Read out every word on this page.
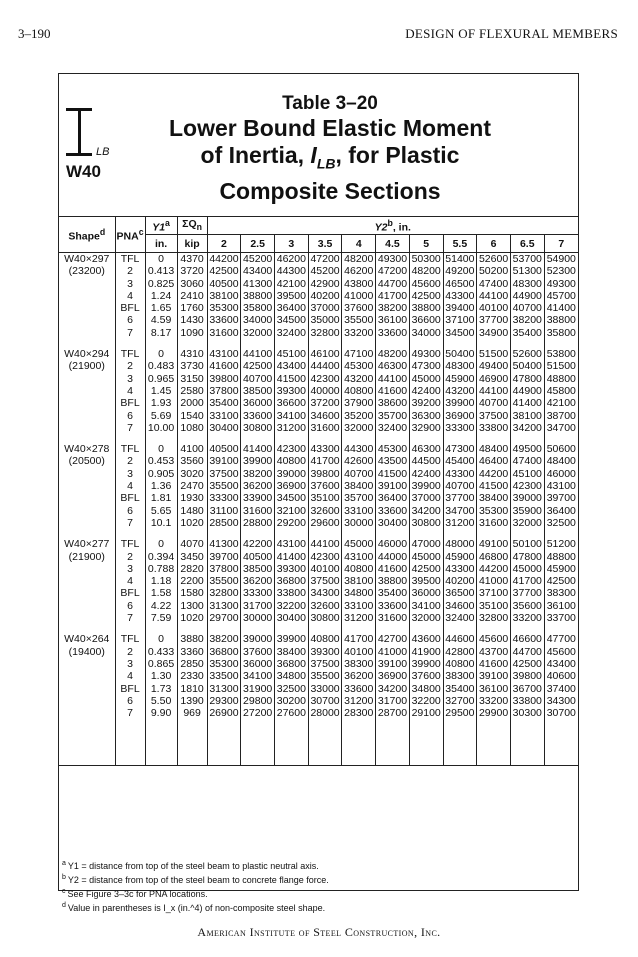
3–190	DESIGN OF FLEXURAL MEMBERS
LB
W40
Table 3–20
Lower Bound Elastic Moment
of Inertia, $I_{LB}$, for Plastic
Composite Sections
Shape$^d$	PNA$^c$	Y1$^a$	$\Sigma Q_n$	Y2$^b$, in.										
		in.	kip	2	2.5	3	3.5	4	4.5	5	5.5	6	6.5	7
W40×297	TFL	0	4370	44200	45200	46200	47200	48200	49300	50300	51400	52600	53700	54900
(23200)	2	0.413	3720	42500	43400	44300	45200	46200	47200	48200	49200	50200	51300	52300
	3	0.825	3060	40500	41300	42100	42900	43800	44700	45600	46500	47400	48300	49300
	4	1.24	2410	38100	38800	39500	40200	41000	41700	42500	43300	44100	44900	45700
	BFL	1.65	1760	35300	35800	36400	37000	37600	38200	38800	39400	40100	40700	41400
	6	4.59	1430	33600	34000	34500	35000	35500	36100	36600	37100	37700	38200	38800
	7	8.17	1090	31600	32000	32400	32800	33200	33600	34000	34500	34900	35400	35800

W40×294	TFL	0	4310	43100	44100	45100	46100	47100	48200	49300	50400	51500	52600	53800
(21900)	2	0.483	3730	41600	42500	43400	44400	45300	46300	47300	48300	49400	50400	51500
	3	0.965	3150	39800	40700	41500	42300	43200	44100	45000	45900	46900	47800	48800
	4	1.45	2580	37800	38500	39300	40000	40800	41600	42400	43200	44100	44900	45800
	BFL	1.93	2000	35400	36000	36600	37200	37900	38600	39200	39900	40700	41400	42100
	6	5.69	1540	33100	33600	34100	34600	35200	35700	36300	36900	37500	38100	38700
	7	10.00	1080	30400	30800	31200	31600	32000	32400	32900	33300	33800	34200	34700

W40×278	TFL	0	4100	40500	41400	42300	43300	44300	45300	46300	47300	48400	49500	50600
(20500)	2	0.453	3560	39100	39900	40800	41700	42600	43500	44500	45400	46400	47400	48400
	3	0.905	3020	37500	38200	39000	39800	40700	41500	42400	43300	44200	45100	46000
	4	1.36	2470	35500	36200	36900	37600	38400	39100	39900	40700	41500	42300	43100
	BFL	1.81	1930	33300	33900	34500	35100	35700	36400	37000	37700	38400	39000	39700
	6	5.65	1480	31100	31600	32100	32600	33100	33600	34200	34700	35300	35900	36400
	7	10.1	1020	28500	28800	29200	29600	30000	30400	30800	31200	31600	32000	32500

W40×277	TFL	0	4070	41300	42200	43100	44100	45000	46000	47000	48000	49100	50100	51200
(21900)	2	0.394	3450	39700	40500	41400	42300	43100	44000	45000	45900	46800	47800	48800
	3	0.788	2820	37800	38500	39300	40100	40800	41600	42500	43300	44200	45000	45900
	4	1.18	2200	35500	36200	36800	37500	38100	38800	39500	40200	41000	41700	42500
	BFL	1.58	1580	32800	33300	33800	34300	34800	35400	36000	36500	37100	37700	38300
	6	4.22	1300	31300	31700	32200	32600	33100	33600	34100	34600	35100	35600	36100
	7	7.59	1020	29700	30000	30400	30800	31200	31600	32000	32400	32800	33200	33700

W40×264	TFL	0	3880	38200	39000	39900	40800	41700	42700	43600	44600	45600	46600	47700
(19400)	2	0.433	3360	36800	37600	38400	39300	40100	41000	41900	42800	43700	44700	45600
	3	0.865	2850	35300	36000	36800	37500	38300	39100	39900	40800	41600	42500	43400
	4	1.30	2330	33500	34100	34800	35500	36200	36900	37600	38300	39100	39800	40600
	BFL	1.73	1810	31300	31900	32500	33000	33600	34200	34800	35400	36100	36700	37400
	6	5.50	1390	29300	29800	30200	30700	31200	31700	32200	32700	33200	33800	34300
	7	9.90	969	26900	27200	27600	28000	28300	28700	29100	29500	29900	30300	30700

$^a$ Y1 = distance from top of the steel beam to plastic neutral axis.
$^b$ Y2 = distance from top of the steel beam to concrete flange force.
$^c$ See Figure 3–3c for PNA locations.
$^d$ Value in parentheses is I_x (in.^4) of non-composite steel shape.
American Institute of Steel Construction, Inc.
